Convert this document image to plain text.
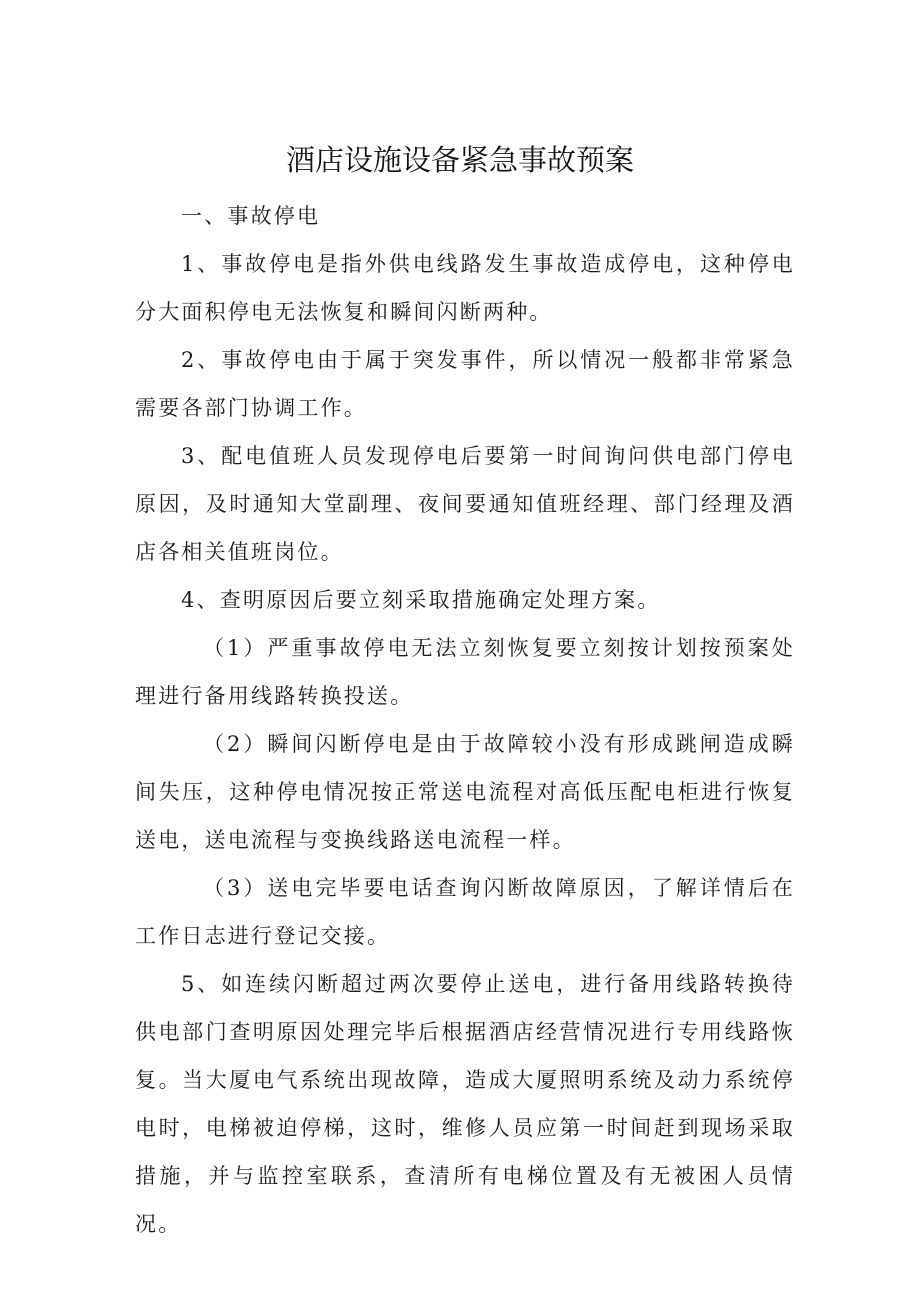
酒店设施设备紧急事故预案

一、事故停电

1、事故停电是指外供电线路发生事故造成停电，这种停电分大面积停电无法恢复和瞬间闪断两种。

2、事故停电由于属于突发事件，所以情况一般都非常紧急需要各部门协调工作。

3、配电值班人员发现停电后要第一时间询问供电部门停电原因，及时通知大堂副理、夜间要通知值班经理、部门经理及酒店各相关值班岗位。

4、查明原因后要立刻采取措施确定处理方案。

（1）严重事故停电无法立刻恢复要立刻按计划按预案处理进行备用线路转换投送。

（2）瞬间闪断停电是由于故障较小没有形成跳闸造成瞬间失压，这种停电情况按正常送电流程对高低压配电柜进行恢复送电，送电流程与变换线路送电流程一样。

（3）送电完毕要电话查询闪断故障原因，了解详情后在工作日志进行登记交接。

5、如连续闪断超过两次要停止送电，进行备用线路转换待供电部门查明原因处理完毕后根据酒店经营情况进行专用线路恢复。当大厦电气系统出现故障，造成大厦照明系统及动力系统停电时，电梯被迫停梯，这时，维修人员应第一时间赶到现场采取措施，并与监控室联系，查清所有电梯位置及有无被困人员情况。
